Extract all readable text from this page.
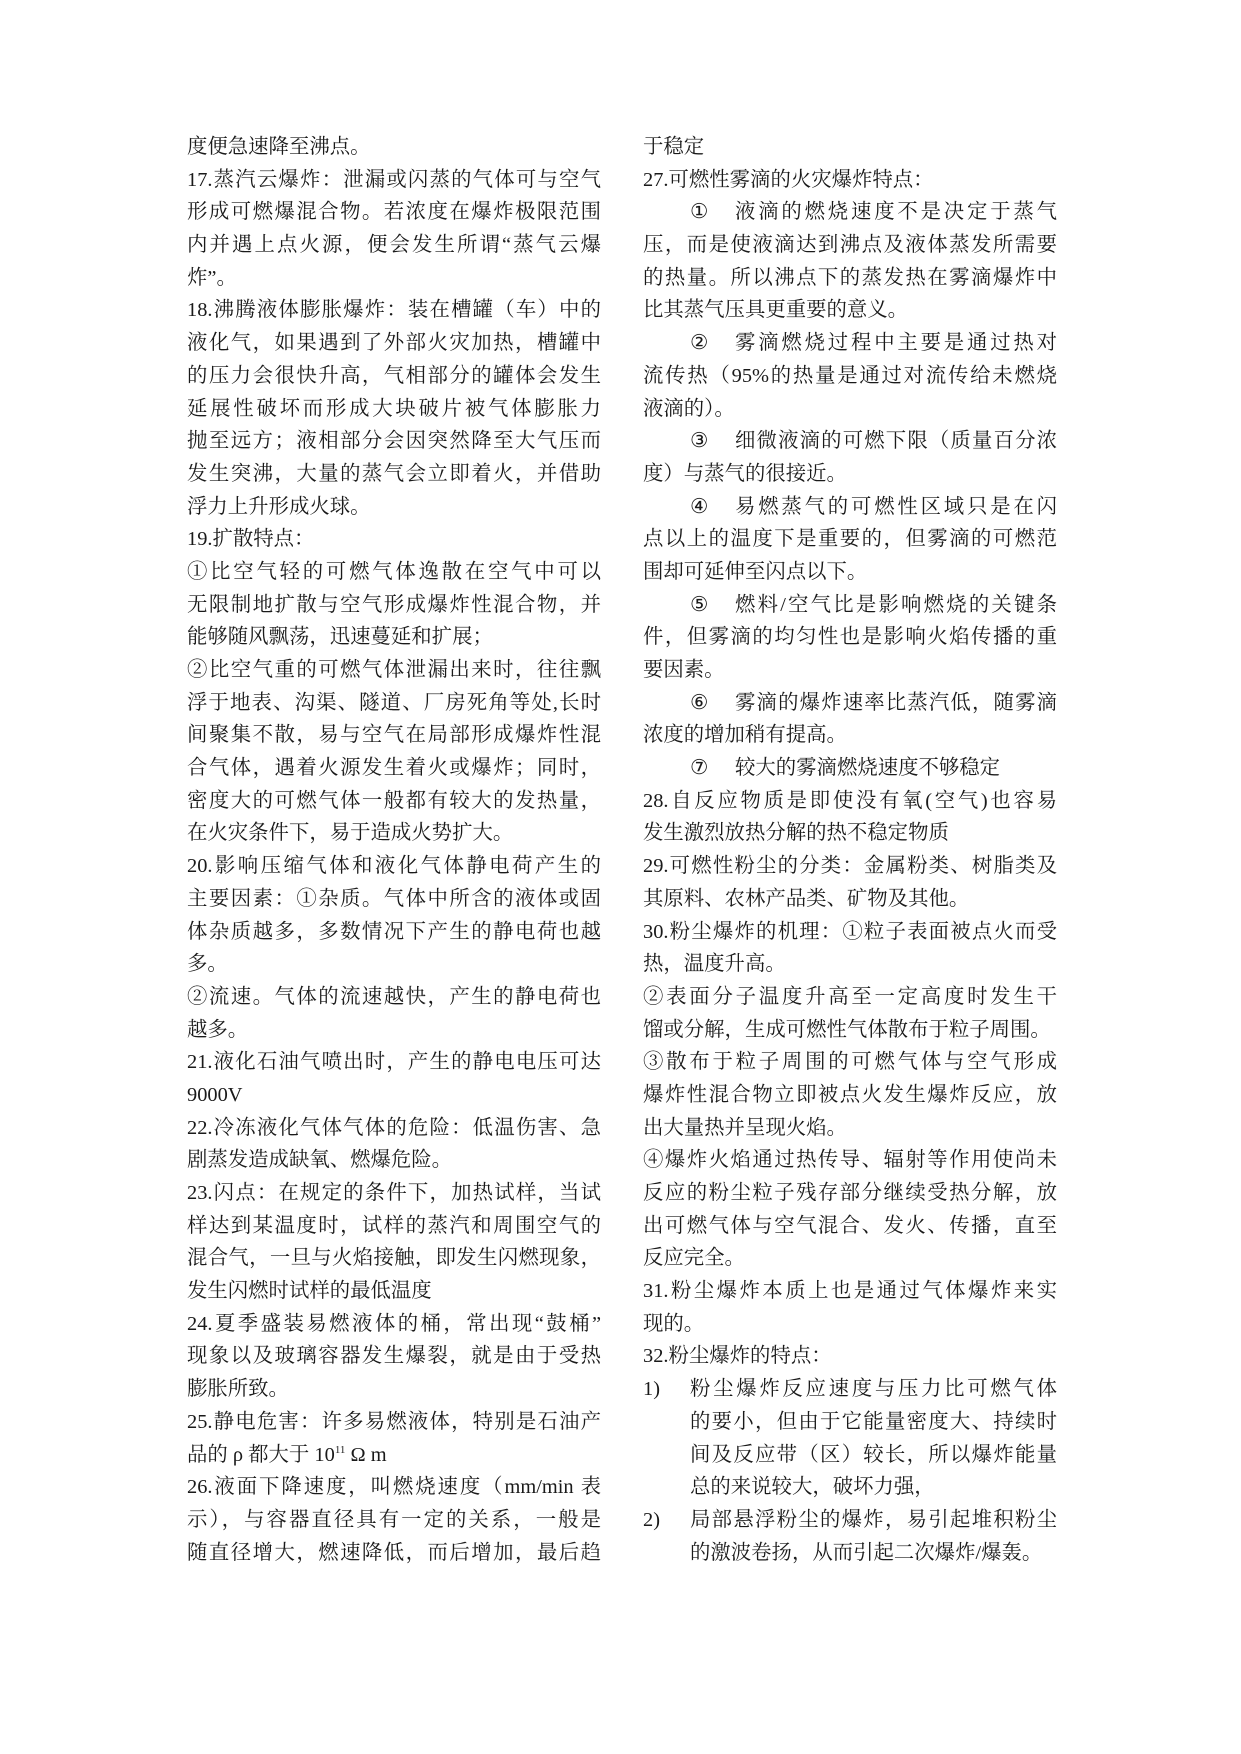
度便急速降至沸点。
17.蒸汽云爆炸：泄漏或闪蒸的气体可与空气
形成可燃爆混合物。若浓度在爆炸极限范围
内并遇上点火源，便会发生所谓“蒸气云爆
炸”。
18.沸腾液体膨胀爆炸：装在槽罐（车）中的
液化气，如果遇到了外部火灾加热，槽罐中
的压力会很快升高，气相部分的罐体会发生
延展性破坏而形成大块破片被气体膨胀力
抛至远方；液相部分会因突然降至大气压而
发生突沸，大量的蒸气会立即着火，并借助
浮力上升形成火球。
19.扩散特点：
①比空气轻的可燃气体逸散在空气中可以
无限制地扩散与空气形成爆炸性混合物，并
能够随风飘荡，迅速蔓延和扩展；
②比空气重的可燃气体泄漏出来时，往往飘
浮于地表、沟渠、隧道、厂房死角等处,长时
间聚集不散，易与空气在局部形成爆炸性混
合气体，遇着火源发生着火或爆炸；同时，
密度大的可燃气体一般都有较大的发热量，
在火灾条件下，易于造成火势扩大。
20.影响压缩气体和液化气体静电荷产生的
主要因素：①杂质。气体中所含的液体或固
体杂质越多，多数情况下产生的静电荷也越
多。
②流速。气体的流速越快，产生的静电荷也
越多。
21.液化石油气喷出时，产生的静电电压可达
9000V
22.冷冻液化气体气体的危险：低温伤害、急
剧蒸发造成缺氧、燃爆危险。
23.闪点：在规定的条件下，加热试样，当试
样达到某温度时，试样的蒸汽和周围空气的
混合气，一旦与火焰接触，即发生闪燃现象，
发生闪燃时试样的最低温度
24.夏季盛装易燃液体的桶，常出现“鼓桶”
现象以及玻璃容器发生爆裂，就是由于受热
膨胀所致。
25.静电危害：许多易燃液体，特别是石油产
品的 ρ 都大于 $10^{11}$ Ω m
26.液面下降速度，叫燃烧速度（mm/min 表
示），与容器直径具有一定的关系，一般是
随直径增大，燃速降低，而后增加，最后趋
于稳定
27.可燃性雾滴的火灾爆炸特点：
①	液滴的燃烧速度不是决定于蒸气
压，而是使液滴达到沸点及液体蒸发所需要
的热量。所以沸点下的蒸发热在雾滴爆炸中
比其蒸气压具更重要的意义。
②	雾滴燃烧过程中主要是通过热对
流传热（95%的热量是通过对流传给未燃烧
液滴的）。
③	细微液滴的可燃下限（质量百分浓
度）与蒸气的很接近。
④	易燃蒸气的可燃性区域只是在闪
点以上的温度下是重要的，但雾滴的可燃范
围却可延伸至闪点以下。
⑤	燃料/空气比是影响燃烧的关键条
件，但雾滴的均匀性也是影响火焰传播的重
要因素。
⑥	雾滴的爆炸速率比蒸汽低，随雾滴
浓度的增加稍有提高。
⑦	较大的雾滴燃烧速度不够稳定
28.自反应物质是即使没有氧(空气)也容易
发生激烈放热分解的热不稳定物质
29.可燃性粉尘的分类：金属粉类、树脂类及
其原料、农林产品类、矿物及其他。
30.粉尘爆炸的机理：①粒子表面被点火而受
热，温度升高。
②表面分子温度升高至一定高度时发生干
馏或分解，生成可燃性气体散布于粒子周围。
③散布于粒子周围的可燃气体与空气形成
爆炸性混合物立即被点火发生爆炸反应，放
出大量热并呈现火焰。
④爆炸火焰通过热传导、辐射等作用使尚未
反应的粉尘粒子残存部分继续受热分解，放
出可燃气体与空气混合、发火、传播，直至
反应完全。
31.粉尘爆炸本质上也是通过气体爆炸来实
现的。
32.粉尘爆炸的特点：
1)	粉尘爆炸反应速度与压力比可燃气体
的要小，但由于它能量密度大、持续时
间及反应带（区）较长，所以爆炸能量
总的来说较大，破坏力强，
2)	局部悬浮粉尘的爆炸，易引起堆积粉尘
的激波卷扬，从而引起二次爆炸/爆轰。
